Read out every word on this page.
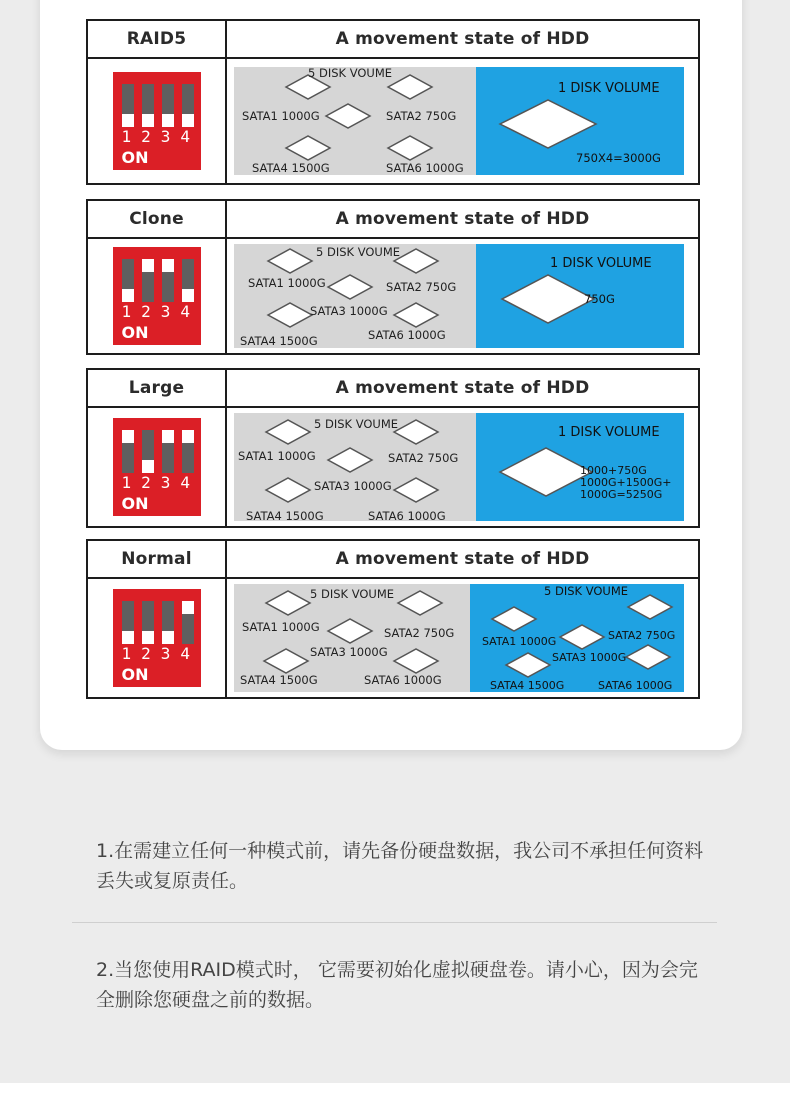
RAID5	A movement state of HDD
1 2 3 4
ON
5 DISK VOUME
SATA1 1000G	SATA2 750G
SATA4 1500G	SATA6 1000G
1 DISK VOLUME
750X4=3000G
Clone	A movement state of HDD
1 2 3 4
ON
5 DISK VOUME
SATA1 1000G	SATA2 750G
SATA3 1000G
SATA4 1500G	SATA6 1000G
1 DISK VOLUME
750G
Large	A movement state of HDD
1 2 3 4
ON
5 DISK VOUME
SATA1 1000G	SATA2 750G
SATA3 1000G
SATA4 1500G	SATA6 1000G
1 DISK VOLUME
1000+750G
1000G+1500G+
1000G=5250G
Normal	A movement state of HDD
1 2 3 4
ON
5 DISK VOUME
SATA1 1000G	SATA2 750G
SATA3 1000G
SATA4 1500G	SATA6 1000G
5 DISK VOUME
SATA1 1000G	SATA2 750G
SATA3 1000G
SATA4 1500G	SATA6 1000G
1.在需建立任何一种模式前，请先备份硬盘数据，我公司不承担任何资料丢失或复原责任。
2.当您使用RAID模式时， 它需要初始化虚拟硬盘卷。请小心，因为会完全删除您硬盘之前的数据。
